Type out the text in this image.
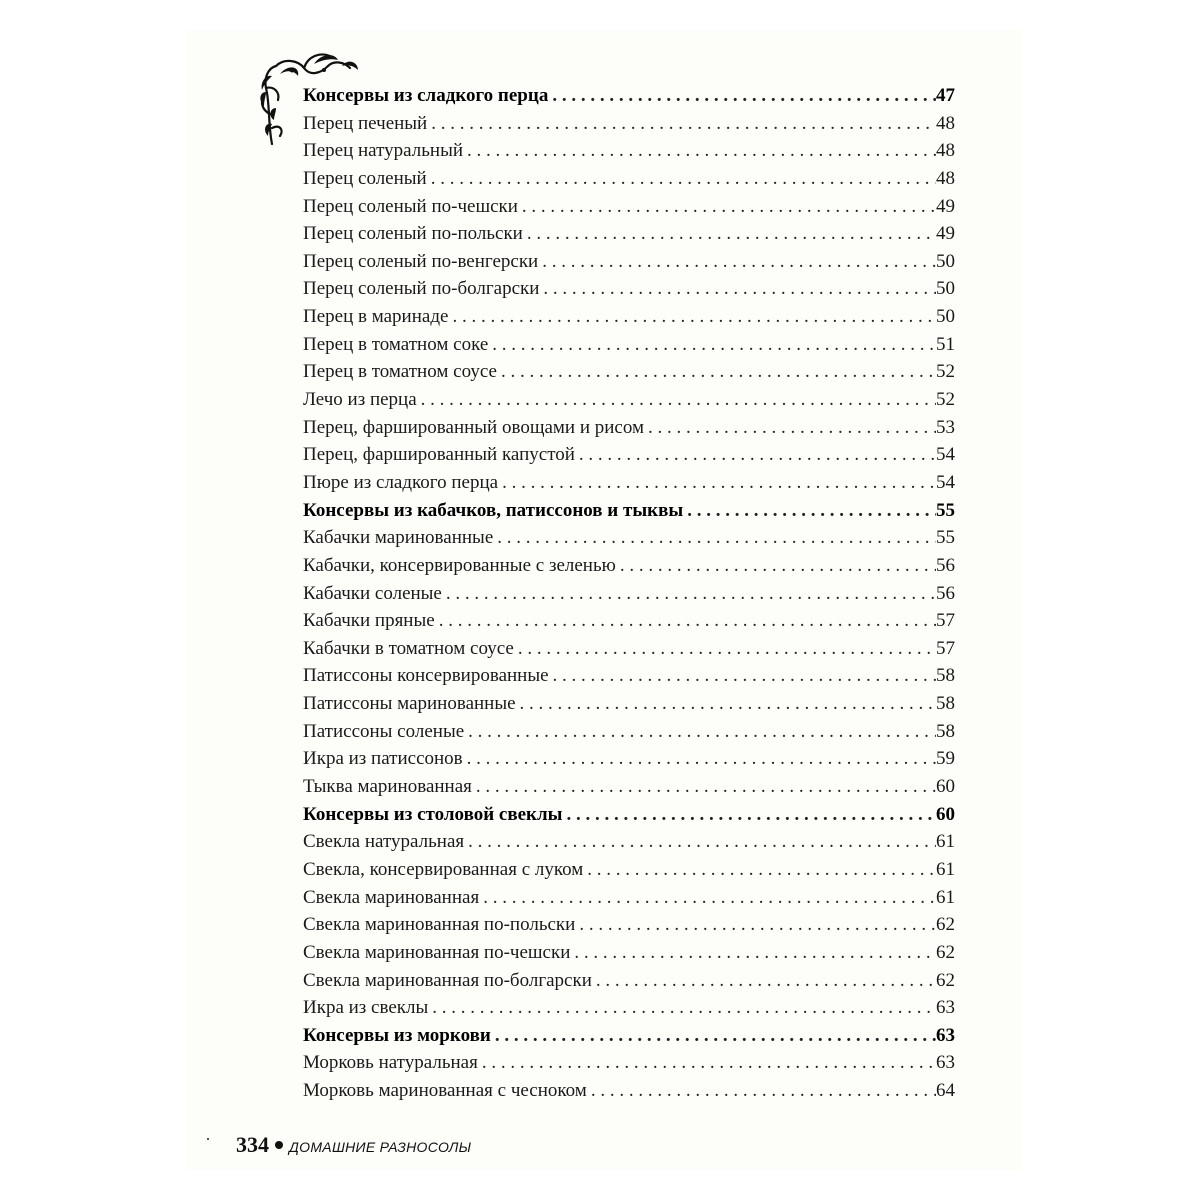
Консервы из сладкого перца . . .	47
Перец печеный . . .	48
Перец натуральный . . .	48
Перец соленый . . .	48
Перец соленый по-чешски . . .	49
Перец соленый по-польски . . .	49
Перец соленый по-венгерски . . .	50
Перец соленый по-болгарски . . .	50
Перец в маринаде . . .	50
Перец в томатном соке . . .	51
Перец в томатном соусе . . .	52
Лечо из перца . . .	52
Перец, фаршированный овощами и рисом . . .	53
Перец, фаршированный капустой . . .	54
Пюре из сладкого перца . . .	54
Консервы из кабачков, патиссонов и тыквы . . .	55
Кабачки маринованные . . .	55
Кабачки, консервированные с зеленью . . .	56
Кабачки соленые . . .	56
Кабачки пряные . . .	57
Кабачки в томатном соусе . . .	57
Патиссоны консервированные . . .	58
Патиссоны маринованные . . .	58
Патиссоны соленые . . .	58
Икра из патиссонов . . .	59
Тыква маринованная . . .	60
Консервы из столовой свеклы . . .	60
Свекла натуральная . . .	61
Свекла, консервированная с луком . . .	61
Свекла маринованная . . .	61
Свекла маринованная по-польски . . .	62
Свекла маринованная по-чешски . . .	62
Свекла маринованная по-болгарски . . .	62
Икра из свеклы . . .	63
Консервы из моркови . . .	63
Морковь натуральная . . .	63
Морковь маринованная с чесноком . . .	64
334 ДОМАШНИЕ РАЗНОСОЛЫ
